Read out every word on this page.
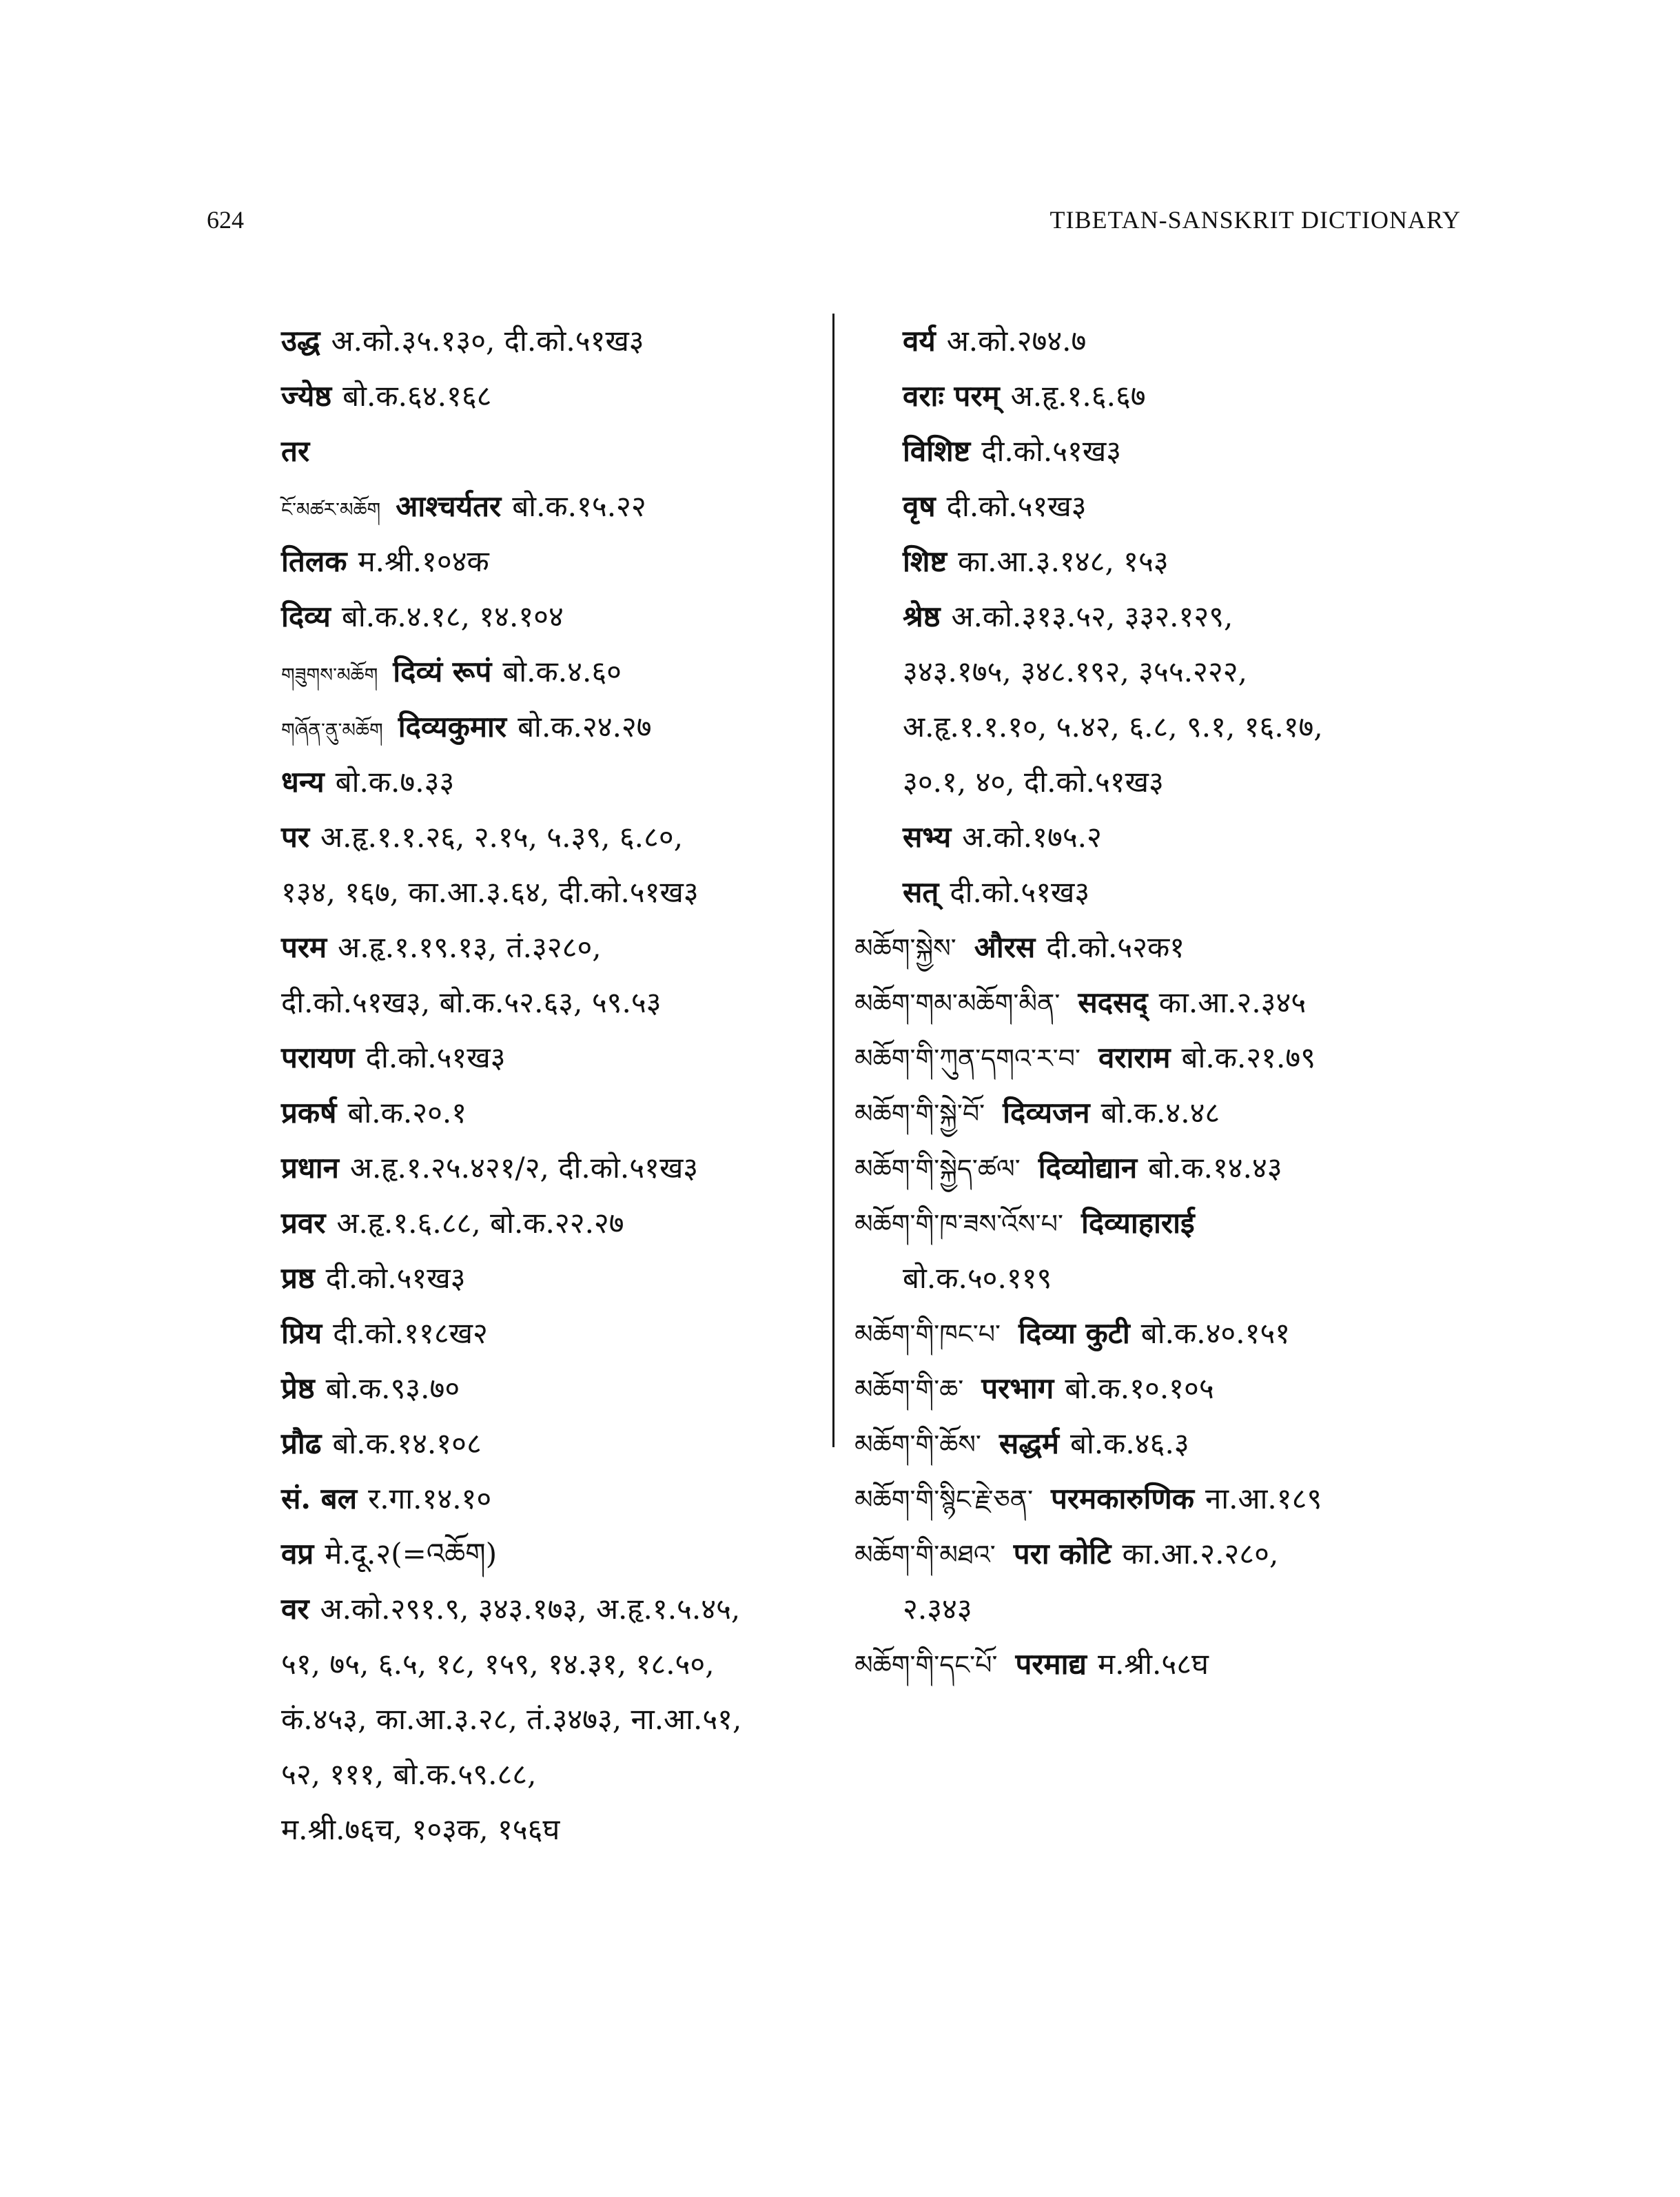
624	TIBETAN-SANSKRIT DICTIONARY
उद्ध अ.को.३५.१३०, दी.को.५१ख३
ज्येष्ठ बो.क.६४.१६८
तर
ངོ་མཚར་མཆོག आश्चर्यतर बो.क.१५.२२
तिलक म.श्री.१०४क
दिव्य बो.क.४.१८, १४.१०४
གཟུགས་མཆོག दिव्यं रूपं बो.क.४.६०
གཞོན་ནུ་མཆོག दिव्यकुमार बो.क.२४.२७
धन्य बो.क.७.३३
पर अ.हृ.१.१.२६, २.१५, ५.३९, ६.८०,
१३४, १६७, का.आ.३.६४, दी.को.५१ख३
परम अ.हृ.१.१९.१३, तं.३२८०,
दी.को.५१ख३, बो.क.५२.६३, ५९.५३
परायण दी.को.५१ख३
प्रकर्ष बो.क.२०.१
प्रधान अ.हृ.१.२५.४२१/२, दी.को.५१ख३
प्रवर अ.हृ.१.६.८८, बो.क.२२.२७
प्रष्ठ दी.को.५१ख३
प्रिय दी.को.११८ख२
प्रेष्ठ बो.क.९३.७०
प्रौढ बो.क.१४.१०८
सं. बल र.गा.१४.१०
वप्र मे.दू.२(=འཆོག)
वर अ.को.२९१.९, ३४३.१७३, अ.हृ.१.५.४५,
५१, ७५, ६.५, १८, १५९, १४.३१, १८.५०,
कं.४५३, का.आ.३.२८, तं.३४७३, ना.आ.५१,
५२, १११, बो.क.५९.८८,
म.श्री.७६च, १०३क, १५६घ
वर्य अ.को.२७४.७
वराः परम् अ.हृ.१.६.६७
विशिष्ट दी.को.५१ख३
वृष दी.को.५१ख३
शिष्ट का.आ.३.१४८, १५३
श्रेष्ठ अ.को.३१३.५२, ३३२.१२९,
३४३.१७५, ३४८.१९२, ३५५.२२२,
अ.हृ.१.१.१०, ५.४२, ६.८, ९.१, १६.१७,
३०.१, ४०, दी.को.५१ख३
सभ्य अ.को.१७५.२
सत् दी.को.५१ख३
མཆོག་སྐྱེས་ औरस दी.को.५२क१
མཆོག་གམ་མཆོག་མིན་ सदसद् का.आ.२.३४५
མཆོག་གི་ཀུན་དགའ་ར་བ་ वराराम बो.क.२१.७९
མཆོག་གི་སྐྱེ་བོ་ दिव्यजन बो.क.४.४८
མཆོག་གི་སྐྱེད་ཚལ་ दिव्योद्यान बो.क.१४.४३
མཆོག་གི་ཁ་ཟས་འོས་པ་ दिव्याहाराई
बो.क.५०.११९
མཆོག་གི་ཁང་པ་ दिव्या कुटी बो.क.४०.१५१
མཆོག་གི་ཆ་ परभाग बो.क.१०.१०५
མཆོག་གི་ཆོས་ सद्धर्म बो.क.४६.३
མཆོག་གི་སྙིང་རྗེ་ཅན་ परमकारुणिक ना.आ.१८९
མཆོག་གི་མཐའ་ परा कोटि का.आ.२.२८०,
२.३४३
མཆོག་གི་དང་པོ་ परमाद्य म.श्री.५८घ
